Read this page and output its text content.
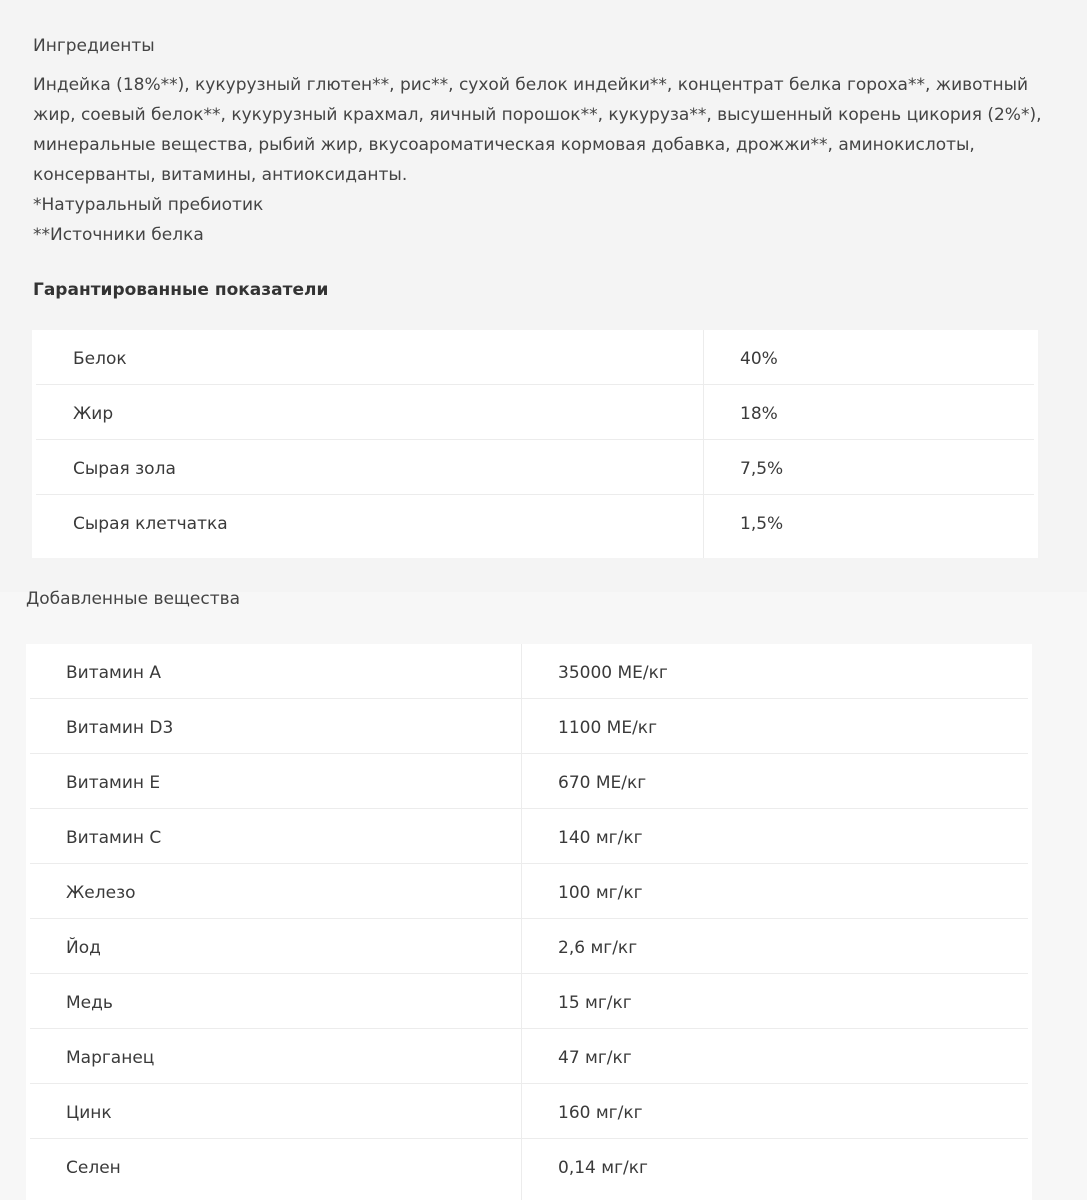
Ингредиенты

Индейка (18%**), кукурузный глютен**, рис**, сухой белок индейки**, концентрат белка гороха**, животный
жир, соевый белок**, кукурузный крахмал, яичный порошок**, кукуруза**, высушенный корень цикория (2%*),
минеральные вещества, рыбий жир, вкусоароматическая кормовая добавка, дрожжи**, аминокислоты,
консерванты, витамины, антиоксиданты.
*Натуральный пребиотик
**Источники белка

Гарантированные показатели
Белок	40%
Жир	18%
Сырая зола	7,5%
Сырая клетчатка	1,5%
Добавленные вещества
Витамин А	35000 МЕ/кг
Витамин D3	1100 МЕ/кг
Витамин Е	670 МЕ/кг
Витамин С	140 мг/кг
Железо	100 мг/кг
Йод	2,6 мг/кг
Медь	15 мг/кг
Марганец	47 мг/кг
Цинк	160 мг/кг
Селен	0,14 мг/кг
